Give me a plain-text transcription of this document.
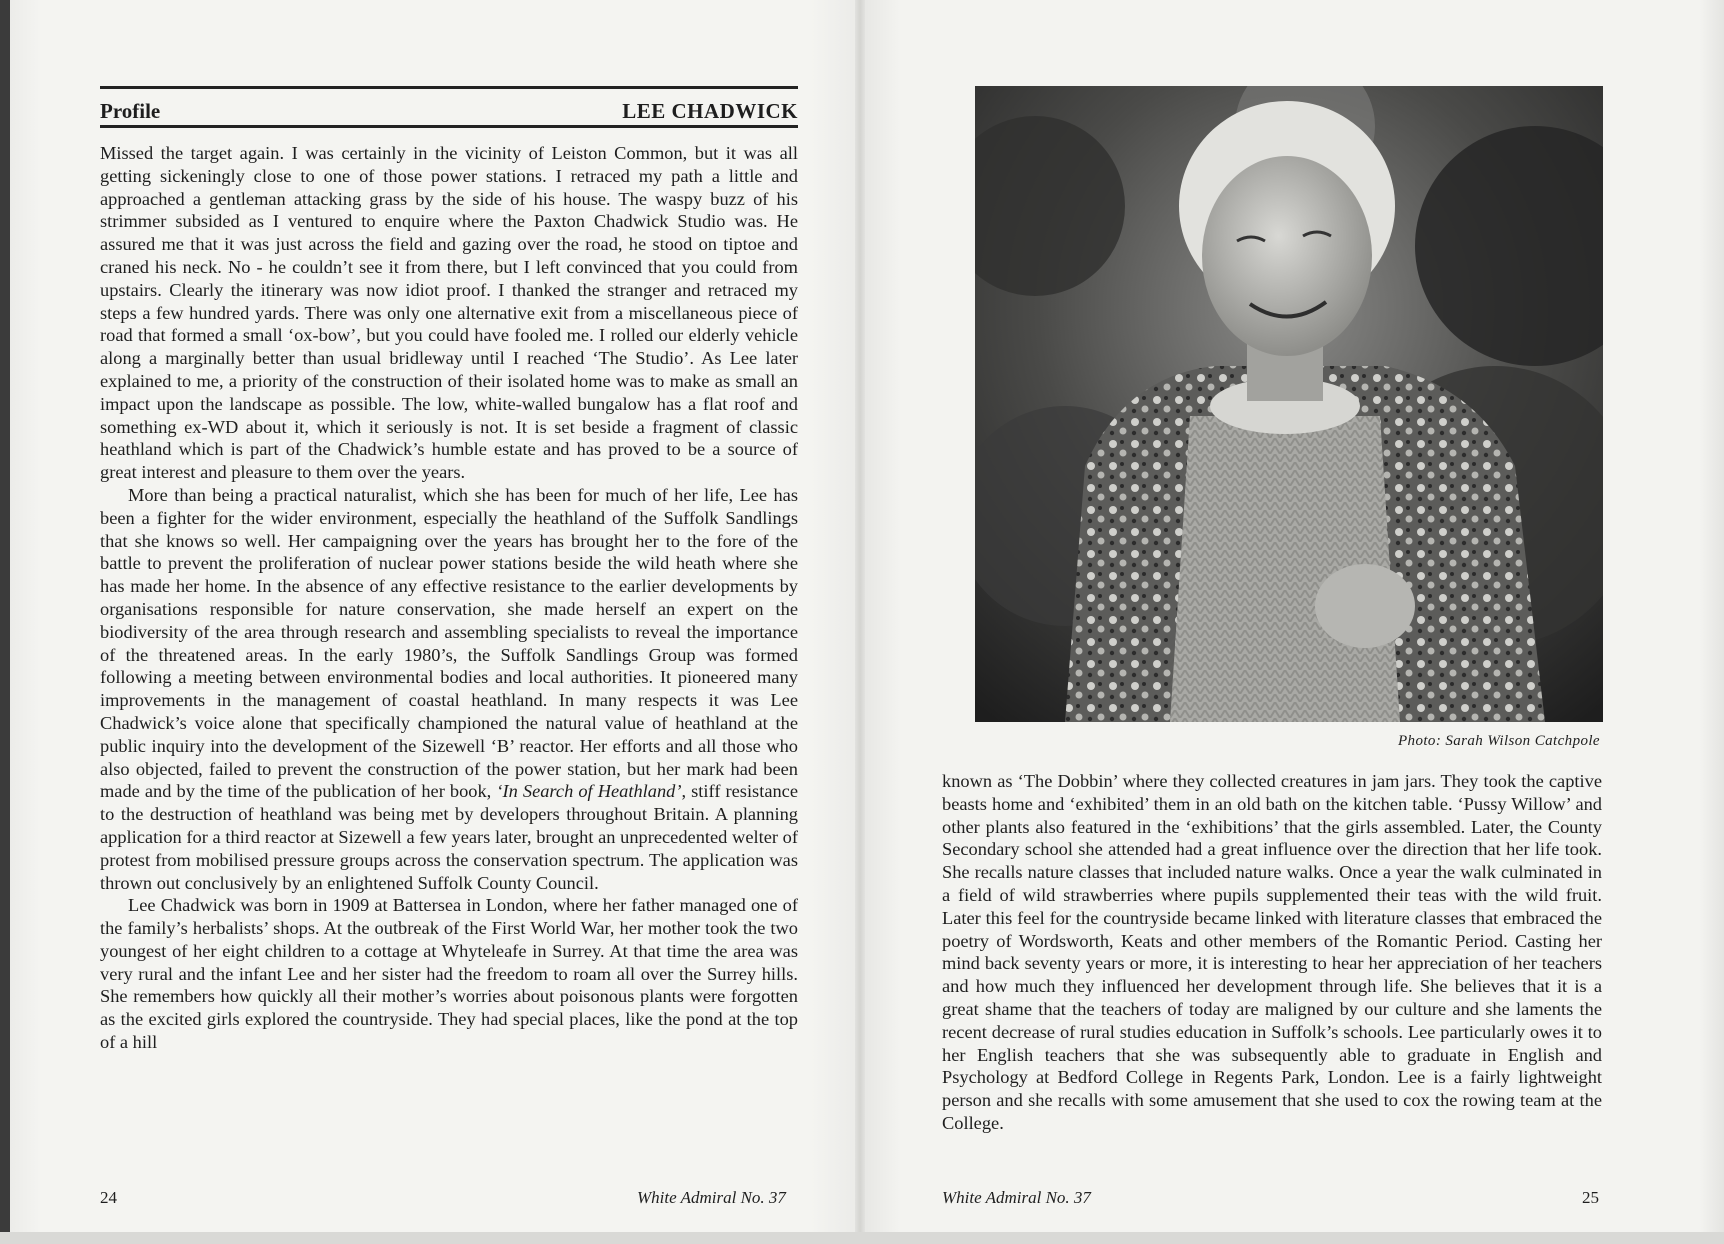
Profile	LEE CHADWICK

Missed the target again. I was certainly in the vicinity of Leiston Common, but it was all getting sickeningly close to one of those power stations. I retraced my path a little and approached a gentleman attacking grass by the side of his house. The waspy buzz of his strimmer subsided as I ventured to enquire where the Paxton Chadwick Studio was. He assured me that it was just across the field and gazing over the road, he stood on tiptoe and craned his neck. No - he couldn’t see it from there, but I left convinced that you could from upstairs. Clearly the itinerary was now idiot proof. I thanked the stranger and retraced my steps a few hundred yards. There was only one alternative exit from a miscellaneous piece of road that formed a small ‘ox-bow’, but you could have fooled me. I rolled our elderly vehicle along a marginally better than usual bridleway until I reached ‘The Studio’. As Lee later explained to me, a priority of the construction of their isolated home was to make as small an impact upon the landscape as possible. The low, white-walled bungalow has a flat roof and something ex-WD about it, which it seriously is not. It is set beside a fragment of classic heathland which is part of the Chadwick’s humble estate and has proved to be a source of great interest and pleasure to them over the years.

More than being a practical naturalist, which she has been for much of her life, Lee has been a fighter for the wider environment, especially the heathland of the Suffolk Sandlings that she knows so well. Her campaigning over the years has brought her to the fore of the battle to prevent the proliferation of nuclear power stations beside the wild heath where she has made her home. In the absence of any effective resistance to the earlier developments by organisations responsible for nature conservation, she made herself an expert on the biodiversity of the area through research and assembling specialists to reveal the importance of the threatened areas. In the early 1980’s, the Suffolk Sandlings Group was formed following a meeting between environmental bodies and local authorities. It pioneered many improvements in the management of coastal heathland. In many respects it was Lee Chadwick’s voice alone that specifically championed the natural value of heathland at the public inquiry into the development of the Sizewell ‘B’ reactor. Her efforts and all those who also objected, failed to prevent the construction of the power station, but her mark had been made and by the time of the publication of her book, ‘In Search of Heathland’, stiff resistance to the destruction of heathland was being met by developers throughout Britain. A planning application for a third reactor at Sizewell a few years later, brought an unprecedented welter of protest from mobilised pressure groups across the conservation spectrum. The application was thrown out conclusively by an enlightened Suffolk County Council.

Lee Chadwick was born in 1909 at Battersea in London, where her father managed one of the family’s herbalists’ shops. At the outbreak of the First World War, her mother took the two youngest of her eight children to a cottage at Whyteleafe in Surrey. At that time the area was very rural and the infant Lee and her sister had the freedom to roam all over the Surrey hills. She remembers how quickly all their mother’s worries about poisonous plants were forgotten as the excited girls explored the countryside. They had special places, like the pond at the top of a hill

24	White Admiral No. 37
Photo: Sarah Wilson Catchpole

known as ‘The Dobbin’ where they collected creatures in jam jars. They took the captive beasts home and ‘exhibited’ them in an old bath on the kitchen table. ‘Pussy Willow’ and other plants also featured in the ‘exhibitions’ that the girls assembled. Later, the County Secondary school she attended had a great influence over the direction that her life took. She recalls nature classes that included nature walks. Once a year the walk culminated in a field of wild strawberries where pupils supplemented their teas with the wild fruit. Later this feel for the countryside became linked with literature classes that embraced the poetry of Wordsworth, Keats and other members of the Romantic Period. Casting her mind back seventy years or more, it is interesting to hear her appreciation of her teachers and how much they influenced her development through life. She believes that it is a great shame that the teachers of today are maligned by our culture and she laments the recent decrease of rural studies education in Suffolk’s schools. Lee particularly owes it to her English teachers that she was subsequently able to graduate in English and Psychology at Bedford College in Regents Park, London. Lee is a fairly lightweight person and she recalls with some amusement that she used to cox the rowing team at the College.

White Admiral No. 37	25
